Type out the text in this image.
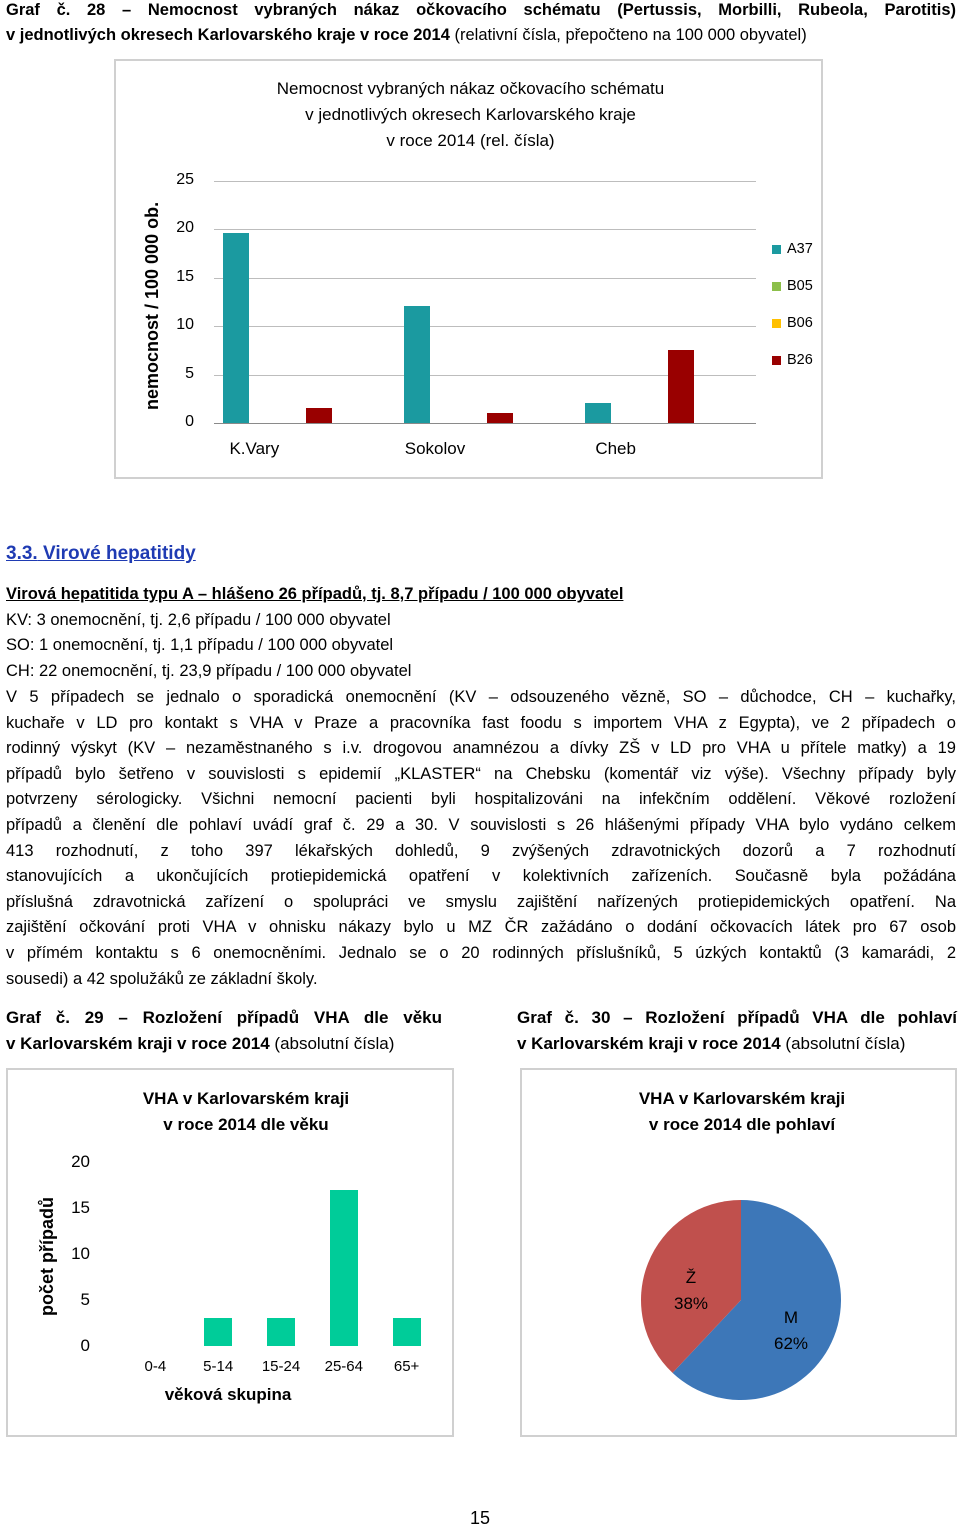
Graf č. 28 – Nemocnost vybraných nákaz očkovacího schématu (Pertussis, Morbilli, Rubeola, Parotitis)

v jednotlivých okresech Karlovarského kraje v roce 2014 (relativní čísla, přepočteno na 100 000 obyvatel)

Nemocnost vybraných nákaz očkovacího schématu
v jednotlivých okresech Karlovarského kraje
v roce 2014 (rel. čísla)
0
5
10
15
20
25
K.Vary	Sokolov	Cheb
A37
B05
B06
B26
nemocnost / 100 000 ob.
3.3. Virové hepatitidy

Virová hepatitida typu A – hlášeno 26 případů, tj. 8,7 případu / 100 000 obyvatel

KV: 3 onemocnění, tj. 2,6 případu / 100 000 obyvatel

SO: 1 onemocnění, tj. 1,1 případu / 100 000 obyvatel

CH: 22 onemocnění, tj. 23,9 případu / 100 000 obyvatel

V 5 případech se jednalo o sporadická onemocnění (KV – odsouzeného vězně, SO – důchodce, CH – kuchařky,
kuchaře v LD pro kontakt s VHA v Praze a pracovníka fast foodu s importem VHA z Egypta), ve 2 případech o
rodinný výskyt (KV – nezaměstnaného s i.v. drogovou anamnézou a dívky ZŠ v LD pro VHA u přítele matky) a 19
případů bylo šetřeno v souvislosti s epidemií „KLASTER“ na Chebsku (komentář viz výše). Všechny případy byly
potvrzeny sérologicky. Všichni nemocní pacienti byli hospitalizováni na infekčním oddělení. Věkové rozložení
případů a členění dle pohlaví uvádí graf č. 29 a 30. V souvislosti s 26 hlášenými případy VHA bylo vydáno celkem
413 rozhodnutí, z toho 397 lékařských dohledů, 9 zvýšených zdravotnických dozorů a 7 rozhodnutí
stanovujících a ukončujících protiepidemická opatření v kolektivních zařízeních. Současně byla požádána
příslušná zdravotnická zařízení o spolupráci ve smyslu zajištění nařízených protiepidemických opatření. Na
zajištění očkování proti VHA v ohnisku nákazy bylo u MZ ČR zažádáno o dodání očkovacích látek pro 67 osob
v přímém kontaktu s 6 onemocněními. Jednalo se o 20 rodinných příslušníků, 5 úzkých kontaktů (3 kamarádi, 2
sousedi) a 42 spolužáků ze základní školy.
Graf č. 29 – Rozložení případů VHA dle věku
v Karlovarském kraji v roce 2014 (absolutní čísla)
Graf č. 30 – Rozložení případů VHA dle pohlaví
v Karlovarském kraji v roce 2014 (absolutní čísla)
VHA v Karlovarském kraji
v roce 2014 dle věku
věková skupina
0
5
10
15
20
0-4	5-14	15-24	25-64	65+
počet případů
VHA v Karlovarském kraji
v roce 2014 dle pohlaví
M
62%
Ž
38%
15
